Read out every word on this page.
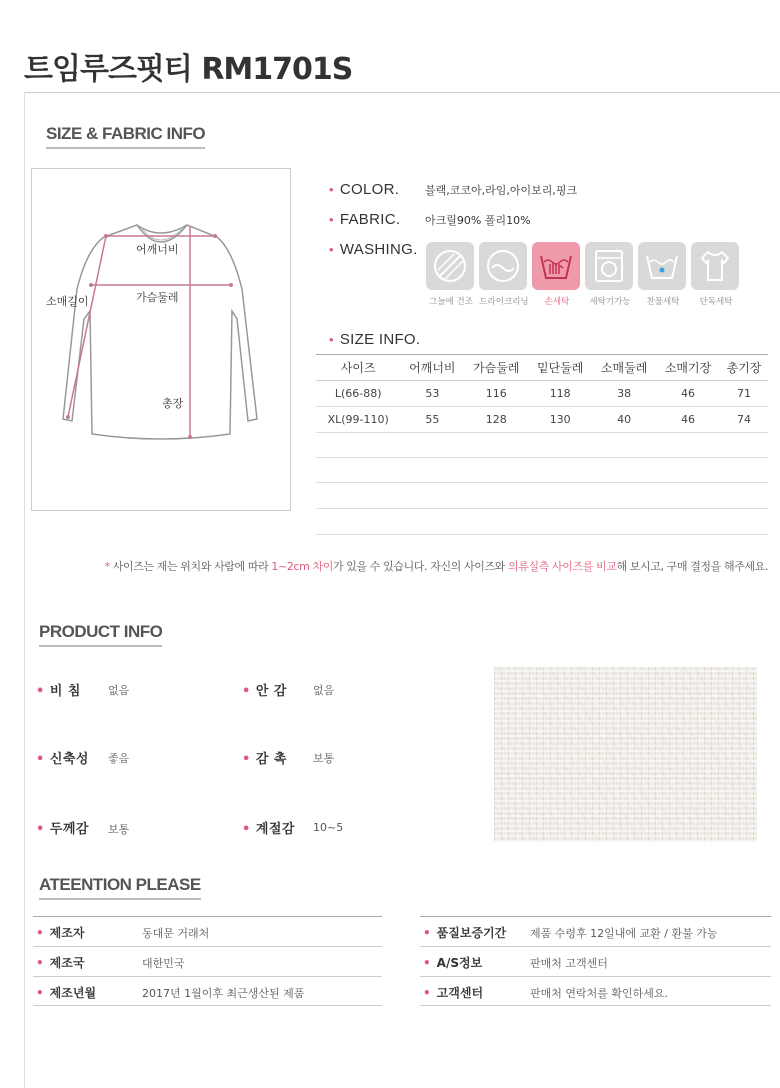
트임루즈핏티 RM1701S
SIZE & FABRIC INFO
어깨너비
소매길이	가슴둘레
총장
• COLOR. 블랙,코코아,라임,아이보리,핑크
• FABRIC. 아크릴90% 폴리10%
• WASHING.
그늘에 건조 드라이크리닝	손세탁	세탁기가능	찬물세탁	단독세탁
• SIZE INFO.
사이즈	어깨너비	가슴둘레	밑단둘레	소매둘레	소매기장	총기장
L(66-88)	53	116	118	38	46	71
XL(99-110)	55	128	130	40	46	74
* 사이즈는 재는 위치와 사람에 따라 1~2cm 차이가 있을 수 있습니다. 자신의 사이즈와 의류실측 사이즈를 비교해 보시고, 구매 결정을 해주세요.
PRODUCT INFO
• 비 침 없음	• 안 감 없음
• 신축성 좋음	• 감 촉 보통
• 두께감 보통	• 계절감 10~5
ATEENTION PLEASE
• 제조자	동대문 거래처
• 제조국	대한민국
• 제조년월	2017년 1월이후 최근생산된 제품
• 품질보증기간 제품 수령후 12일내에 교환 / 환불 가능
• A/S정보	판매처 고객센터
• 고객센터	판매처 연락처를 확인하세요.
